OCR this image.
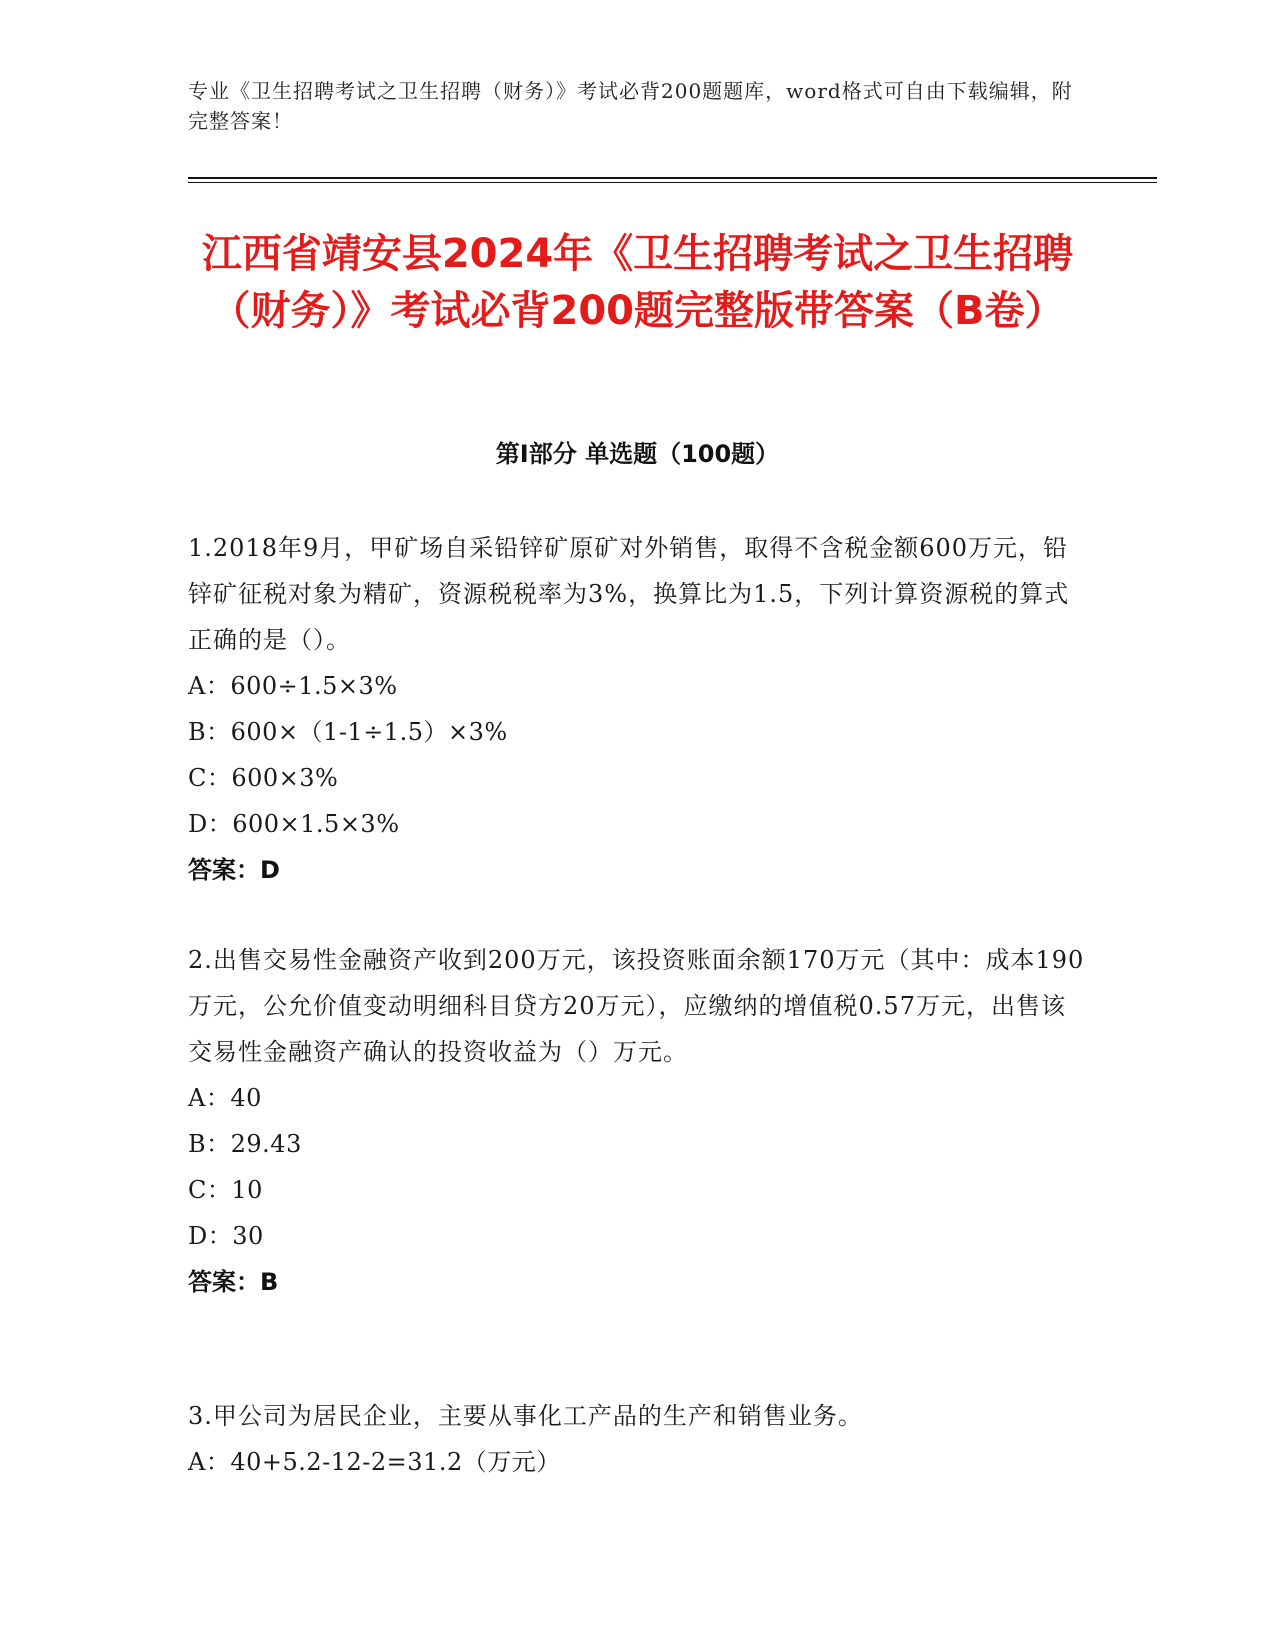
专业《卫生招聘考试之卫生招聘（财务）》考试必背200题题库，word格式可自由下载编辑，附完整答案！
江西省靖安县2024年《卫生招聘考试之卫生招聘（财务）》考试必背200题完整版带答案（B卷）
第Ⅰ部分 单选题（100题）
1.2018年9月，甲矿场自采铅锌矿原矿对外销售，取得不含税金额600万元，铅锌矿征税对象为精矿，资源税税率为3%，换算比为1.5，下列计算资源税的算式正确的是（）。
A：600÷1.5×3%
B：600×（1-1÷1.5）×3%
C：600×3%
D：600×1.5×3%
答案：D
2.出售交易性金融资产收到200万元，该投资账面余额170万元（其中：成本190万元，公允价值变动明细科目贷方20万元），应缴纳的增值税0.57万元，出售该交易性金融资产确认的投资收益为（）万元。
A：40
B：29.43
C：10
D：30
答案：B
3.甲公司为居民企业，主要从事化工产品的生产和销售业务。
A：40+5.2-12-2=31.2（万元）
